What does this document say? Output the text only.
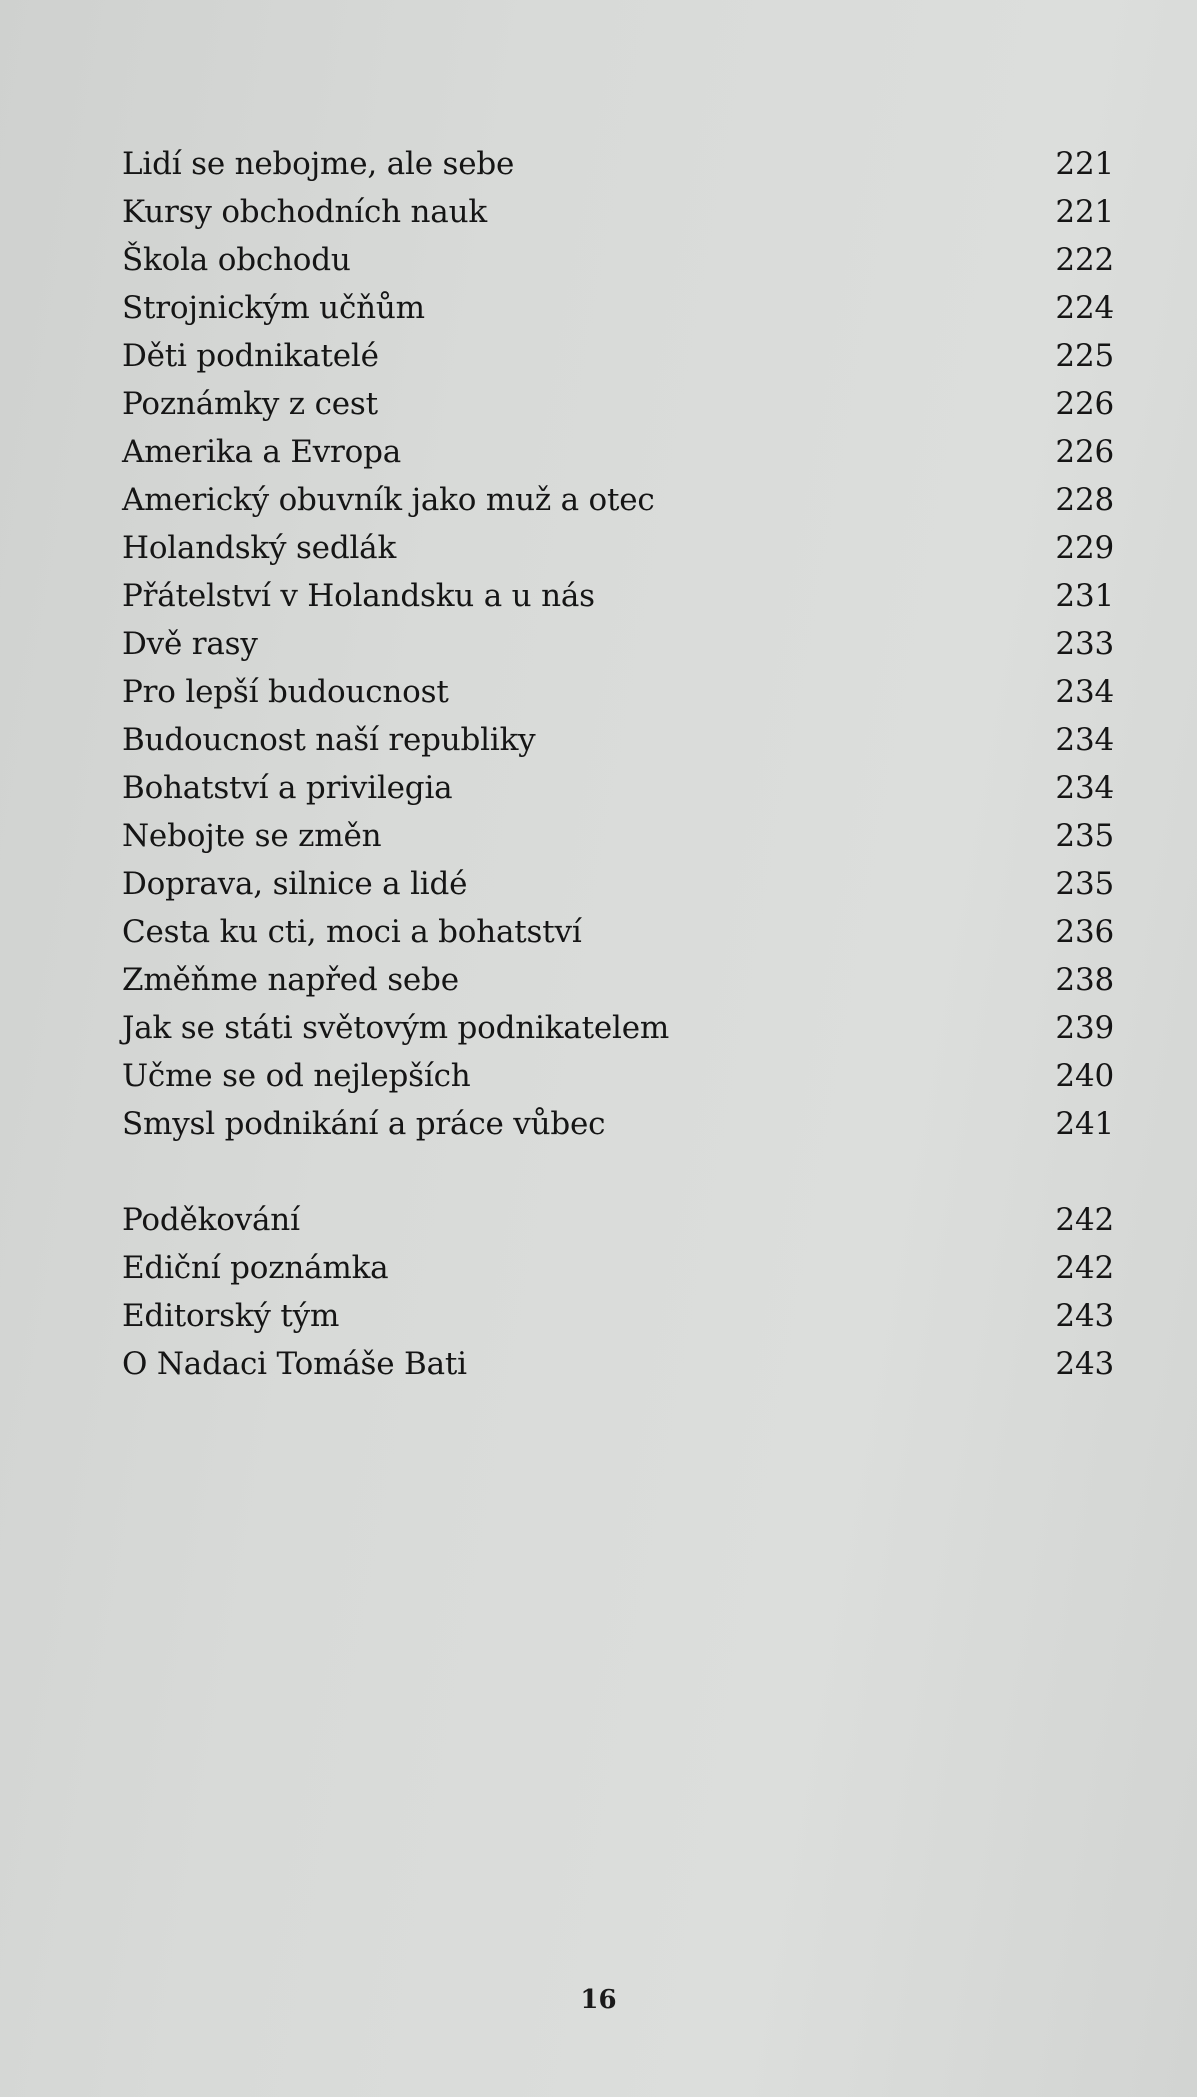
Lidí se nebojme, ale sebe	221
Kursy obchodních nauk	221
Škola obchodu	222
Strojnickým učňům	224
Děti podnikatelé	225
Poznámky z cest	226
Amerika a Evropa	226
Americký obuvník jako muž a otec	228
Holandský sedlák	229
Přátelství v Holandsku a u nás	231
Dvě rasy	233
Pro lepší budoucnost	234
Budoucnost naší republiky	234
Bohatství a privilegia	234
Nebojte se změn	235
Doprava, silnice a lidé	235
Cesta ku cti, moci a bohatství	236
Změňme napřed sebe	238
Jak se státi světovým podnikatelem	239
Učme se od nejlepších	240
Smysl podnikání a práce vůbec	241
Poděkování	242
Ediční poznámka	242
Editorský tým	243
O Nadaci Tomáše Bati	243
16
